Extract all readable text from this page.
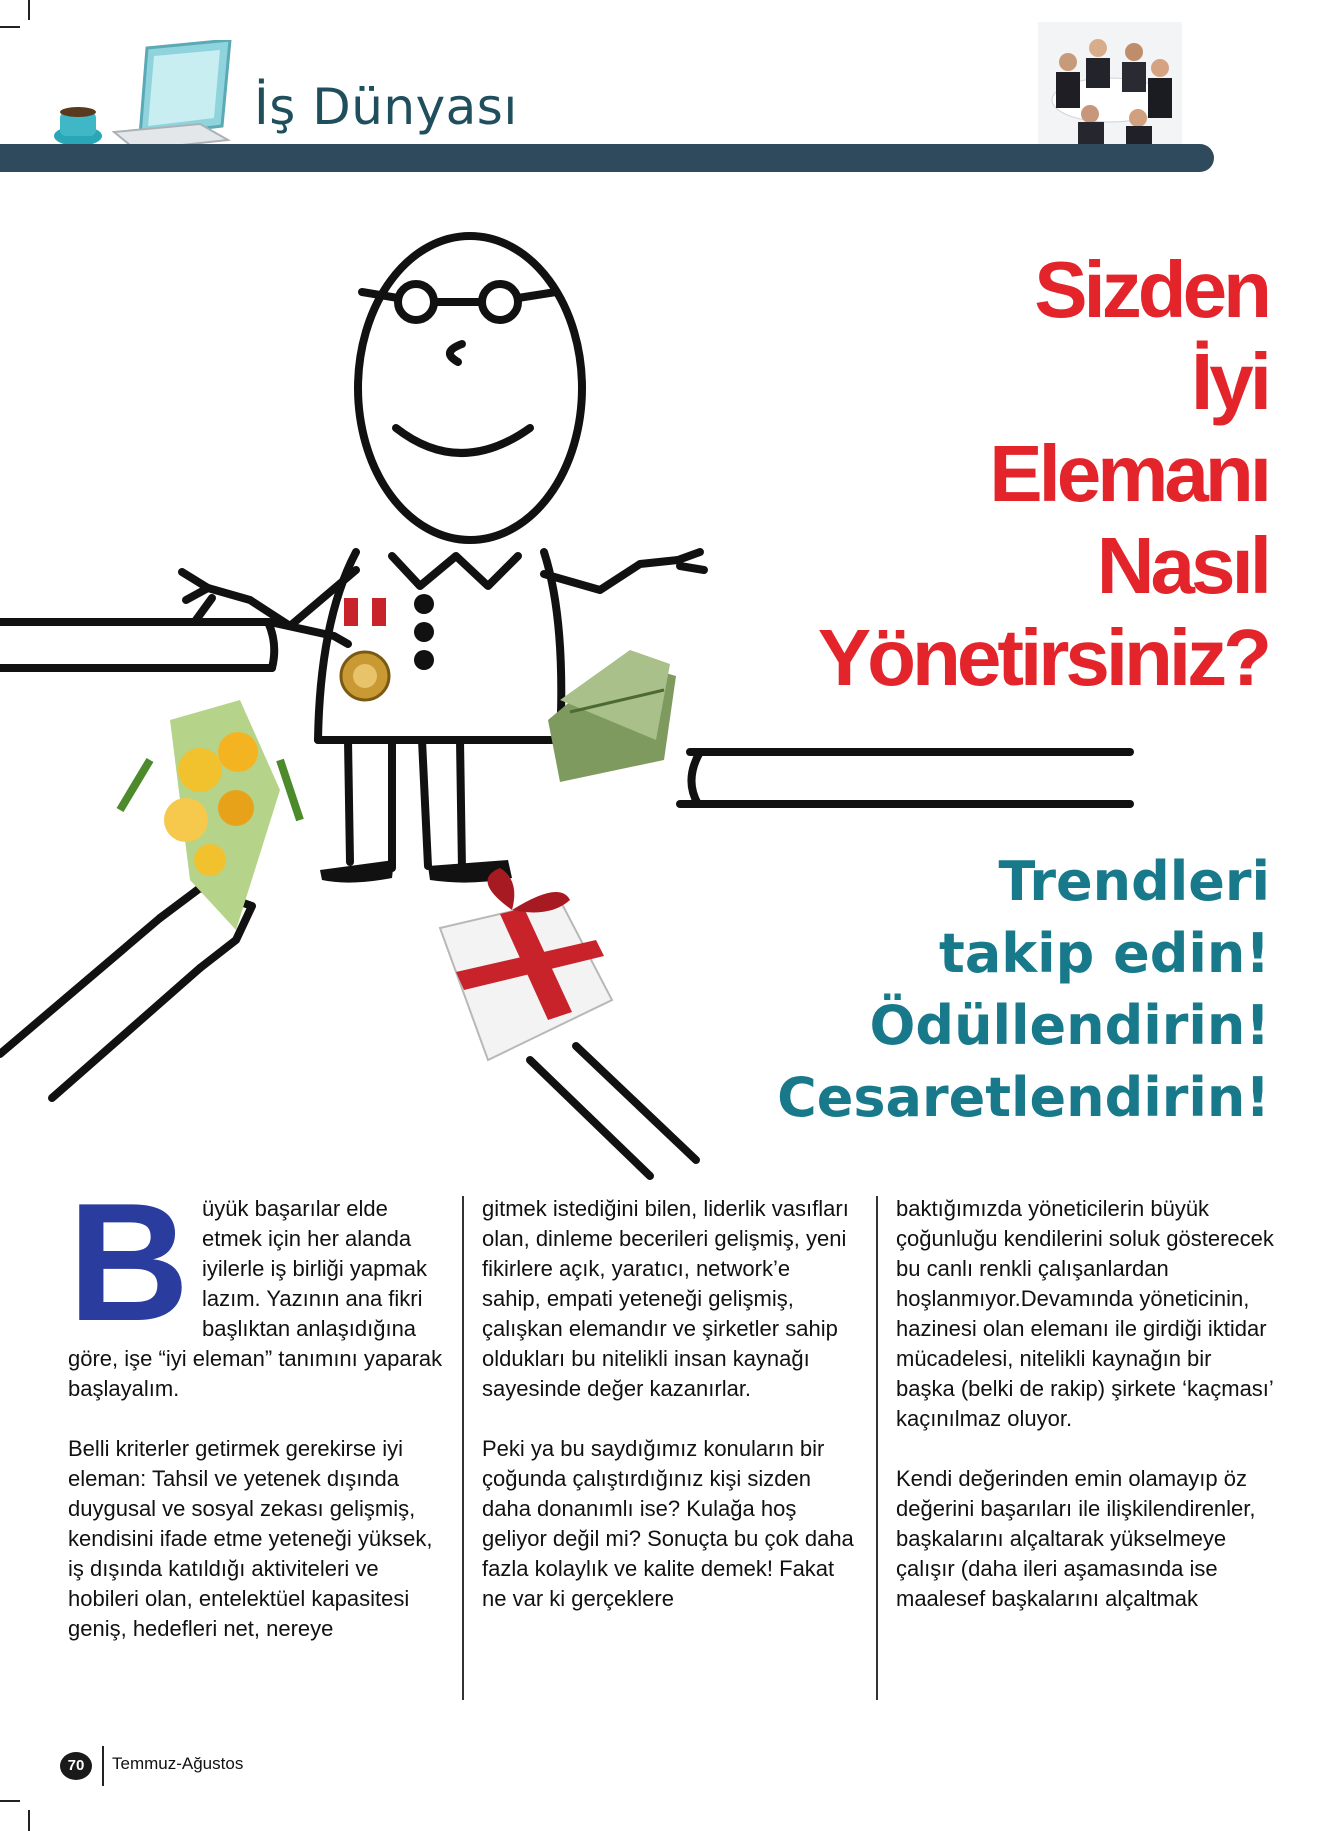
İş Dünyası
Sizden
İyi
Elemanı
Nasıl
Yönetirsiniz?
Trendleri
takip edin!
Ödüllendirin!
Cesaretlendirin!

Büyük başarılar elde etmek için her alanda iyilerle iş birliği yapmak lazım. Yazının ana fikri başlıktan anlaşıdığına göre, işe “iyi eleman” tanımını yaparak başlayalım.

Belli kriterler getirmek gerekirse iyi eleman: Tahsil ve yetenek dışında duygusal ve sosyal zekası gelişmiş, kendisini ifade etme yeteneği yüksek, iş dışında katıldığı aktiviteleri ve hobileri olan, entelektüel kapasitesi geniş, hedefleri net, nereye

gitmek istediğini bilen, liderlik vasıfları olan, dinleme becerileri gelişmiş, yeni fikirlere açık, yaratıcı, network’e sahip, empati yeteneği gelişmiş, çalışkan elemandır ve şirketler sahip oldukları bu nitelikli insan kaynağı sayesinde değer kazanırlar.

Peki ya bu saydığımız konuların bir çoğunda çalıştırdığınız kişi sizden daha donanımlı ise? Kulağa hoş geliyor değil mi? Sonuçta bu çok daha fazla kolaylık ve kalite demek! Fakat ne var ki gerçeklere

baktığımızda yöneticilerin büyük çoğunluğu kendilerini soluk gösterecek bu canlı renkli çalışanlardan hoşlanmıyor.Devamında yöneticinin, hazinesi olan elemanı ile girdiği iktidar mücadelesi, nitelikli kaynağın bir başka (belki de rakip) şirkete ‘kaçması’ kaçınılmaz oluyor.

Kendi değerinden emin olamayıp öz değerini başarıları ile ilişkilendirenler, başkalarını alçaltarak yükselmeye çalışır (daha ileri aşamasında ise maalesef başkalarını alçaltmak

70	Temmuz-Ağustos
